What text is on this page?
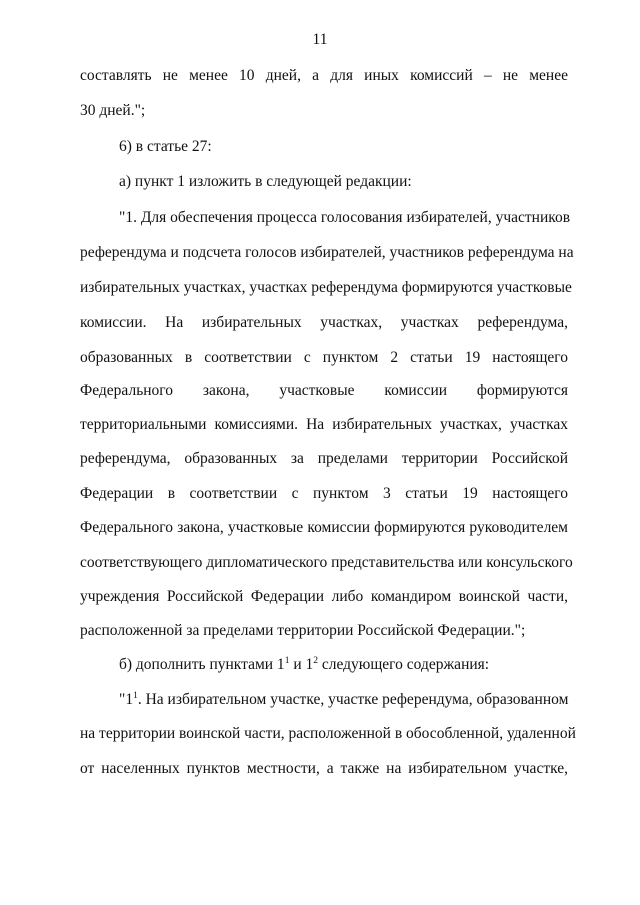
11
составлять не менее 10 дней, а для иных комиссий – не менее
30 дней.";
6) в статье 27:
а) пункт 1 изложить в следующей редакции:
"1. Для обеспечения процесса голосования избирателей, участников
референдума и подсчета голосов избирателей, участников референдума на
избирательных участках, участках референдума формируются участковые
комиссии. На избирательных участках, участках референдума,
образованных в соответствии с пунктом 2 статьи 19 настоящего
Федерального закона, участковые комиссии формируются
территориальными комиссиями. На избирательных участках, участках
референдума, образованных за пределами территории Российской
Федерации в соответствии с пунктом 3 статьи 19 настоящего
Федерального закона, участковые комиссии формируются руководителем
соответствующего дипломатического представительства или консульского
учреждения Российской Федерации либо командиром воинской части,
расположенной за пределами территории Российской Федерации.";
б) дополнить пунктами $1^1$ и $1^2$ следующего содержания:
"$1^1$. На избирательном участке, участке референдума, образованном
на территории воинской части, расположенной в обособленной, удаленной
от населенных пунктов местности, а также на избирательном участке,
